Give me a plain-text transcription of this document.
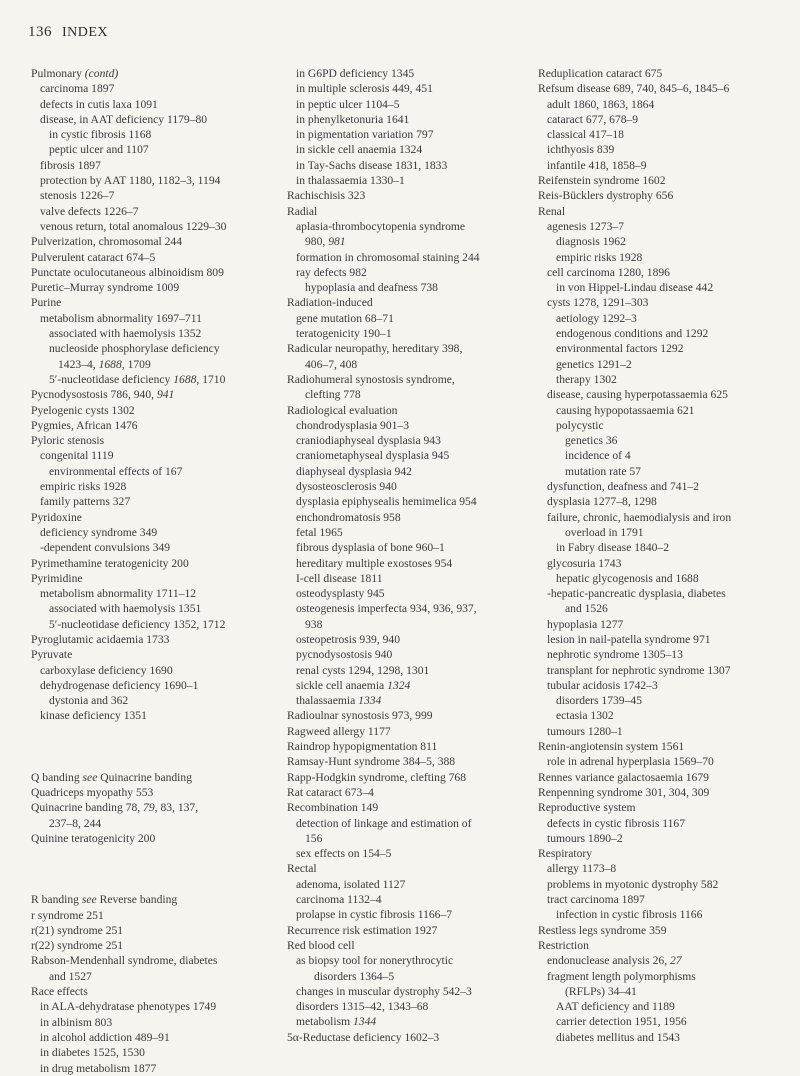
136 INDEX
Pulmonary (contd)
carcinoma 1897
defects in cutis laxa 1091
disease, in AAT deficiency 1179–80
in cystic fibrosis 1168
peptic ulcer and 1107
fibrosis 1897
protection by AAT 1180, 1182–3, 1194
stenosis 1226–7
valve defects 1226–7
venous return, total anomalous 1229–30
Pulverization, chromosomal 244
Pulverulent cataract 674–5
Punctate oculocutaneous albinoidism 809
Puretic–Murray syndrome 1009
Purine
metabolism abnormality 1697–711
associated with haemolysis 1352
nucleoside phosphorylase deficiency
1423–4, 1688, 1709
5′-nucleotidase deficiency 1688, 1710
Pycnodysostosis 786, 940, 941
Pyelogenic cysts 1302
Pygmies, African 1476
Pyloric stenosis
congenital 1119
environmental effects of 167
empiric risks 1928
family patterns 327
Pyridoxine
deficiency syndrome 349
-dependent convulsions 349
Pyrimethamine teratogenicity 200
Pyrimidine
metabolism abnormality 1711–12
associated with haemolysis 1351
5′-nucleotidase deficiency 1352, 1712
Pyroglutamic acidaemia 1733
Pyruvate
carboxylase deficiency 1690
dehydrogenase deficiency 1690–1
dystonia and 362
kinase deficiency 1351
Q banding see Quinacrine banding
Quadriceps myopathy 553
Quinacrine banding 78, 79, 83, 137,
237–8, 244
Quinine teratogenicity 200
R banding see Reverse banding
r syndrome 251
r(21) syndrome 251
r(22) syndrome 251
Rabson-Mendenhall syndrome, diabetes
and 1527
Race effects
in ALA-dehydratase phenotypes 1749
in albinism 803
in alcohol addiction 489–91
in diabetes 1525, 1530
in drug metabolism 1877
in G6PD deficiency 1345
in multiple sclerosis 449, 451
in peptic ulcer 1104–5
in phenylketonuria 1641
in pigmentation variation 797
in sickle cell anaemia 1324
in Tay-Sachs disease 1831, 1833
in thalassaemia 1330–1
Rachischisis 323
Radial
aplasia-thrombocytopenia syndrome
980, 981
formation in chromosomal staining 244
ray defects 982
hypoplasia and deafness 738
Radiation-induced
gene mutation 68–71
teratogenicity 190–1
Radicular neuropathy, hereditary 398,
406–7, 408
Radiohumeral synostosis syndrome,
clefting 778
Radiological evaluation
chondrodysplasia 901–3
craniodiaphyseal dysplasia 943
craniometaphyseal dysplasia 945
diaphyseal dysplasia 942
dysosteosclerosis 940
dysplasia epiphysealis hemimelica 954
enchondromatosis 958
fetal 1965
fibrous dysplasia of bone 960–1
hereditary multiple exostoses 954
I-cell disease 1811
osteodysplasty 945
osteogenesis imperfecta 934, 936, 937,
938
osteopetrosis 939, 940
pycnodysostosis 940
renal cysts 1294, 1298, 1301
sickle cell anaemia 1324
thalassaemia 1334
Radioulnar synostosis 973, 999
Ragweed allergy 1177
Raindrop hypopigmentation 811
Ramsay-Hunt syndrome 384–5, 388
Rapp-Hodgkin syndrome, clefting 768
Rat cataract 673–4
Recombination 149
detection of linkage and estimation of
156
sex effects on 154–5
Rectal
adenoma, isolated 1127
carcinoma 1132–4
prolapse in cystic fibrosis 1166–7
Recurrence risk estimation 1927
Red blood cell
as biopsy tool for nonerythrocytic
disorders 1364–5
changes in muscular dystrophy 542–3
disorders 1315–42, 1343–68
metabolism 1344
5α-Reductase deficiency 1602–3
Reduplication cataract 675
Refsum disease 689, 740, 845–6, 1845–6
adult 1860, 1863, 1864
cataract 677, 678–9
classical 417–18
ichthyosis 839
infantile 418, 1858–9
Reifenstein syndrome 1602
Reis-Bücklers dystrophy 656
Renal
agenesis 1273–7
diagnosis 1962
empiric risks 1928
cell carcinoma 1280, 1896
in von Hippel-Lindau disease 442
cysts 1278, 1291–303
aetiology 1292–3
endogenous conditions and 1292
environmental factors 1292
genetics 1291–2
therapy 1302
disease, causing hyperpotassaemia 625
causing hypopotassaemia 621
polycystic
genetics 36
incidence of 4
mutation rate 57
dysfunction, deafness and 741–2
dysplasia 1277–8, 1298
failure, chronic, haemodialysis and iron
overload in 1791
in Fabry disease 1840–2
glycosuria 1743
hepatic glycogenosis and 1688
-hepatic-pancreatic dysplasia, diabetes
and 1526
hypoplasia 1277
lesion in nail-patella syndrome 971
nephrotic syndrome 1305–13
transplant for nephrotic syndrome 1307
tubular acidosis 1742–3
disorders 1739–45
ectasia 1302
tumours 1280–1
Renin-angiotensin system 1561
role in adrenal hyperplasia 1569–70
Rennes variance galactosaemia 1679
Renpenning syndrome 301, 304, 309
Reproductive system
defects in cystic fibrosis 1167
tumours 1890–2
Respiratory
allergy 1173–8
problems in myotonic dystrophy 582
tract carcinoma 1897
infection in cystic fibrosis 1166
Restless legs syndrome 359
Restriction
endonuclease analysis 26, 27
fragment length polymorphisms
(RFLPs) 34–41
AAT deficiency and 1189
carrier detection 1951, 1956
diabetes mellitus and 1543
